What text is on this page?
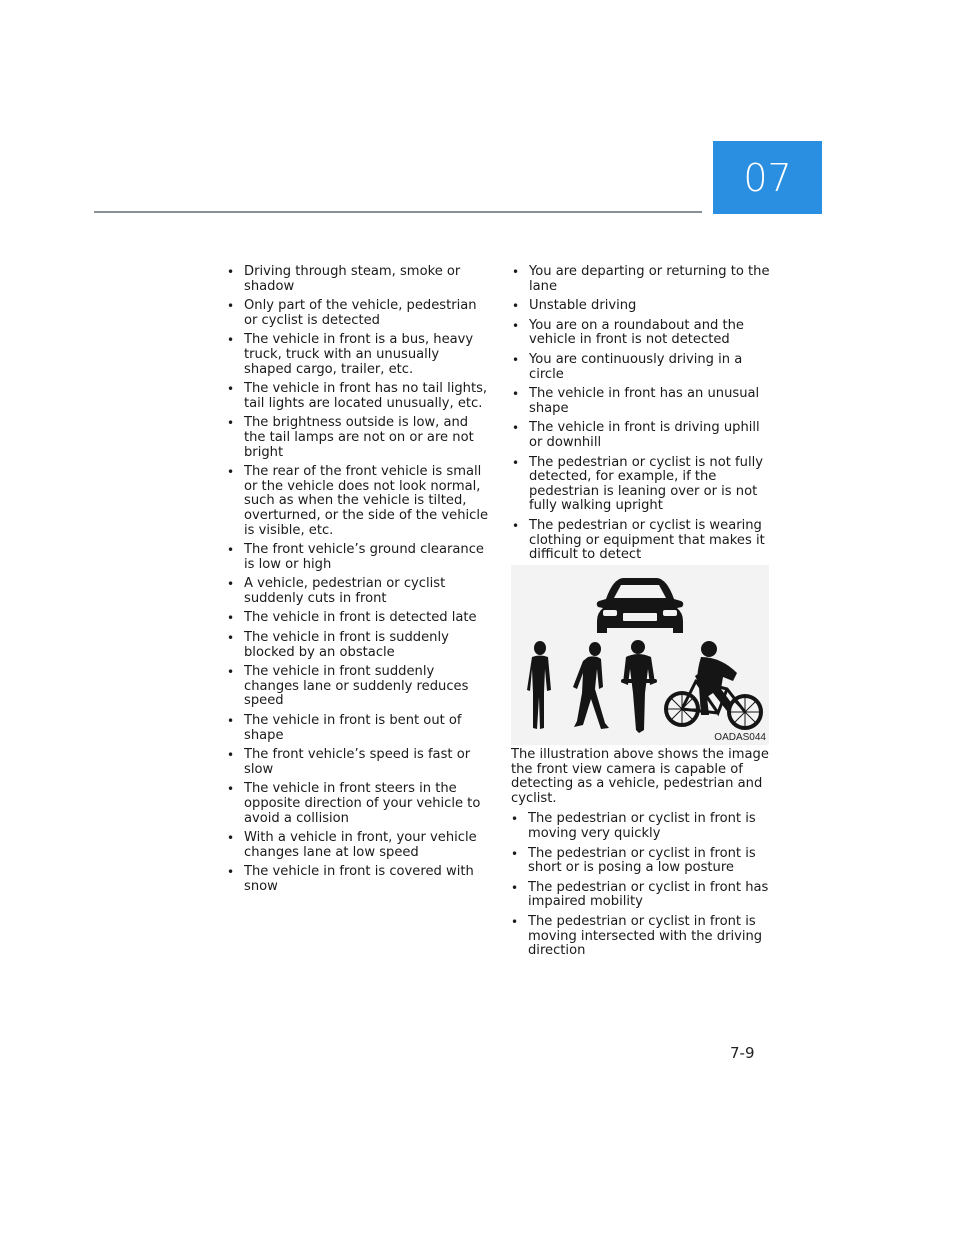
07
• Driving through steam, smoke or shadow
• Only part of the vehicle, pedestrian or cyclist is detected
• The vehicle in front is a bus, heavy truck, truck with an unusually shaped cargo, trailer, etc.
• The vehicle in front has no tail lights, tail lights are located unusually, etc.
• The brightness outside is low, and the tail lamps are not on or are not bright
• The rear of the front vehicle is small or the vehicle does not look normal, such as when the vehicle is tilted, overturned, or the side of the vehicle is visible, etc.
• The front vehicle’s ground clearance is low or high
• A vehicle, pedestrian or cyclist suddenly cuts in front
• The vehicle in front is detected late
• The vehicle in front is suddenly blocked by an obstacle
• The vehicle in front suddenly changes lane or suddenly reduces speed
• The vehicle in front is bent out of shape
• The front vehicle’s speed is fast or slow
• The vehicle in front steers in the opposite direction of your vehicle to avoid a collision
• With a vehicle in front, your vehicle changes lane at low speed
• The vehicle in front is covered with snow
• You are departing or returning to the lane
• Unstable driving
• You are on a roundabout and the vehicle in front is not detected
• You are continuously driving in a circle
• The vehicle in front has an unusual shape
• The vehicle in front is driving uphill or downhill
• The pedestrian or cyclist is not fully detected, for example, if the pedestrian is leaning over or is not fully walking upright
• The pedestrian or cyclist is wearing clothing or equipment that makes it difficult to detect
OADAS044

The illustration above shows the image the front view camera is capable of detecting as a vehicle, pedestrian and cyclist.

• The pedestrian or cyclist in front is moving very quickly
• The pedestrian or cyclist in front is short or is posing a low posture
• The pedestrian or cyclist in front has impaired mobility
• The pedestrian or cyclist in front is moving intersected with the driving direction
7-9
